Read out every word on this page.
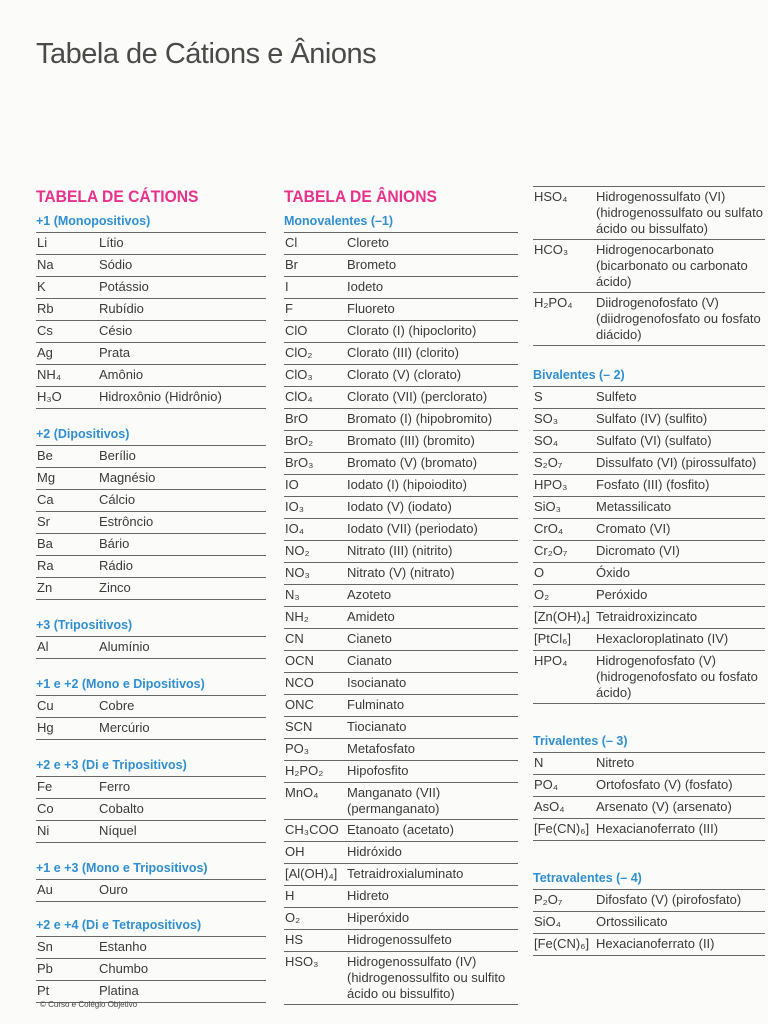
Tabela de Cátions e Ânions
TABELA DE CÁTIONS
+1 (Monopositivos)
Li	Lítio
Na	Sódio
K	Potássio
Rb	Rubídio
Cs	Césio
Ag	Prata
NH₄	Amônio
H₃O	Hidroxônio (Hidrônio)
+2 (Dipositivos)
Be	Berílio
Mg	Magnésio
Ca	Cálcio
Sr	Estrôncio
Ba	Bário
Ra	Rádio
Zn	Zinco
+3 (Tripositivos)
Al	Alumínio
+1 e +2 (Mono e Dipositivos)
Cu	Cobre
Hg	Mercúrio
+2 e +3 (Di e Tripositivos)
Fe	Ferro
Co	Cobalto
Ni	Níquel
+1 e +3 (Mono e Tripositivos)
Au	Ouro
+2 e +4 (Di e Tetrapositivos)
Sn	Estanho
Pb	Chumbo
Pt	Platina
TABELA DE ÂNIONS
Monovalentes (–1)
Cl	Cloreto
Br	Brometo
I	Iodeto
F	Fluoreto
ClO	Clorato (I) (hipoclorito)
ClO₂	Clorato (III) (clorito)
ClO₃	Clorato (V) (clorato)
ClO₄	Clorato (VII) (perclorato)
BrO	Bromato (I) (hipobromito)
BrO₂	Bromato (III) (bromito)
BrO₃	Bromato (V) (bromato)
IO	Iodato (I) (hipoiodito)
IO₃	Iodato (V) (iodato)
IO₄	Iodato (VII) (periodato)
NO₂	Nitrato (III) (nitrito)
NO₃	Nitrato (V) (nitrato)
N₃	Azoteto
NH₂	Amideto
CN	Cianeto
OCN	Cianato
NCO	Isocianato
ONC	Fulminato
SCN	Tiocianato
PO₃	Metafosfato
H₂PO₂	Hipofosfito
MnO₄	Manganato (VII) (permanganato)
CH₃COO Etanoato (acetato)
OH	Hidróxido
[Al(OH)₄] Tetraidroxialuminato
H	Hidreto
O₂	Hiperóxido
HS	Hidrogenossulfeto
HSO₃	Hidrogenossulfato (IV) (hidrogenossulfito ou sulfito ácido ou bissulfito)
HSO₄	Hidrogenossulfato (VI) (hidrogenossulfato ou sulfato ácido ou bissulfato)
HCO₃	Hidrogenocarbonato (bicarbonato ou carbonato ácido)
H₂PO₄	Diidrogenofosfato (V) (diidrogenofosfato ou fosfato diácido)
Bivalentes (– 2)
S	Sulfeto
SO₃	Sulfato (IV) (sulfito)
SO₄	Sulfato (VI) (sulfato)
S₂O₇	Dissulfato (VI) (pirossulfato)
HPO₃	Fosfato (III) (fosfito)
SiO₃	Metassilicato
CrO₄	Cromato (VI)
Cr₂O₇	Dicromato (VI)
O	Óxido
O₂	Peróxido
[Zn(OH)₄] Tetraidroxizincato
[PtCl₆]	Hexacloroplatinato (IV)
HPO₄	Hidrogenofosfato (V) (hidrogenofosfato ou fosfato ácido)
Trivalentes (– 3)
N	Nitreto
PO₄	Ortofosfato (V) (fosfato)
AsO₄	Arsenato (V) (arsenato)
[Fe(CN)₆] Hexacianoferrato (III)
Tetravalentes (– 4)
P₂O₇	Difosfato (V) (pirofosfato)
SiO₄	Ortossilicato
[Fe(CN)₆] Hexacianoferrato (II)
© Curso e Colégio Objetivo
